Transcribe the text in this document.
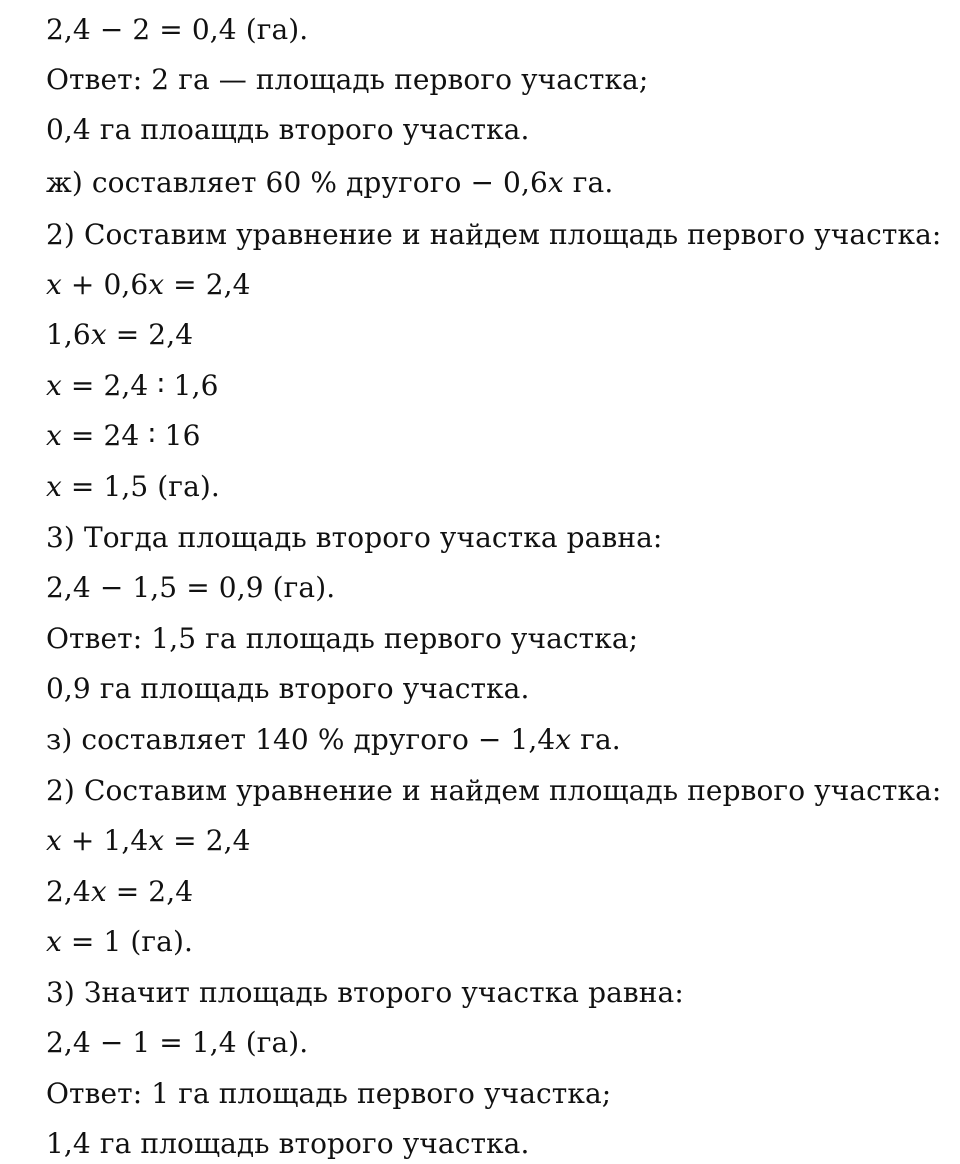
2,4 − 2 = 0,4 (га).
Ответ: 2 га — площадь первого участка;
0,4 га плоащдь второго участка.
ж) составляет 60 % другого − 0,6𝑥 га.
2) Составим уравнение и найдем площадь первого участка:
𝑥 + 0,6𝑥 = 2,4
1,6𝑥 = 2,4
𝑥 = 2,4 ∶ 1,6
𝑥 = 24 ∶ 16
𝑥 = 1,5 (га).
3) Тогда площадь второго участка равна:
2,4 − 1,5 = 0,9 (га).
Ответ: 1,5 га площадь первого участка;
0,9 га площадь второго участка.
з) составляет 140 % другого − 1,4𝑥 га.
2) Составим уравнение и найдем площадь первого участка:
𝑥 + 1,4𝑥 = 2,4
2,4𝑥 = 2,4
𝑥 = 1 (га).
3) Значит площадь второго участка равна:
2,4 − 1 = 1,4 (га).
Ответ: 1 га площадь первого участка;
1,4 га площадь второго участка.
